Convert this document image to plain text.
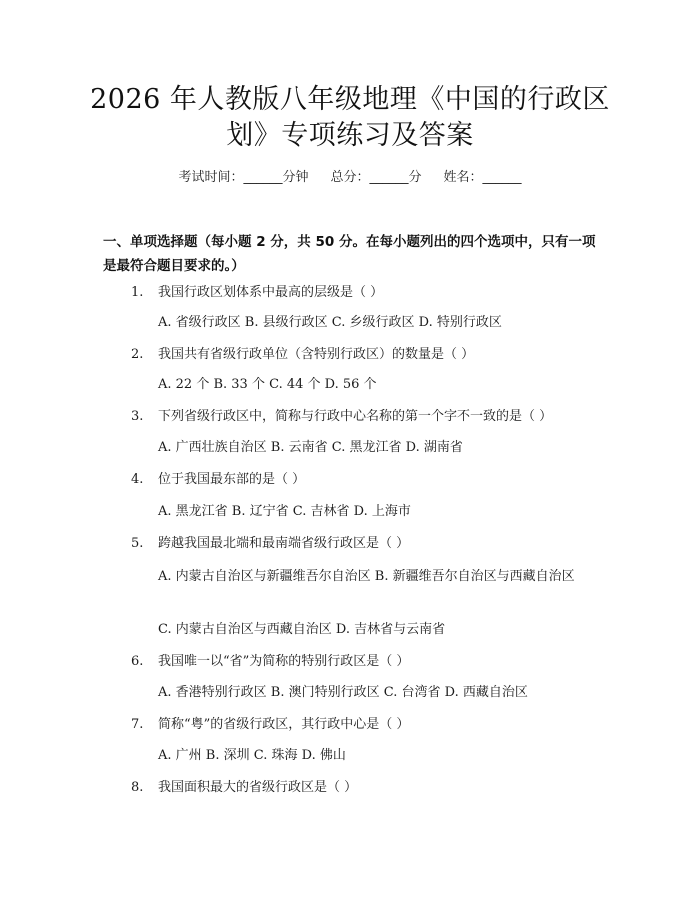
2026 年人教版八年级地理《中国的行政区
划》专项练习及答案
考试时间：______分钟 总分：______分 姓名：______
一、单项选择题（每小题 2 分，共 50 分。在每小题列出的四个选项中，只有一项是最符合题目要求的。）
1. 我国行政区划体系中最高的层级是（ ）
A. 省级行政区 B. 县级行政区 C. 乡级行政区 D. 特别行政区
2. 我国共有省级行政单位（含特别行政区）的数量是（ ）
A. 22 个 B. 33 个 C. 44 个 D. 56 个
3. 下列省级行政区中，简称与行政中心名称的第一个字不一致的是（ ）
A. 广西壮族自治区 B. 云南省 C. 黑龙江省 D. 湖南省
4. 位于我国最东部的是（ ）
A. 黑龙江省 B. 辽宁省 C. 吉林省 D. 上海市
5. 跨越我国最北端和最南端省级行政区是（ ）
A. 内蒙古自治区与新疆维吾尔自治区 B. 新疆维吾尔自治区与西藏自治区
C. 内蒙古自治区与西藏自治区 D. 吉林省与云南省
6. 我国唯一以“省”为简称的特别行政区是（ ）
A. 香港特别行政区 B. 澳门特别行政区 C. 台湾省 D. 西藏自治区
7. 简称“粤”的省级行政区，其行政中心是（ ）
A. 广州 B. 深圳 C. 珠海 D. 佛山
8. 我国面积最大的省级行政区是（ ）
